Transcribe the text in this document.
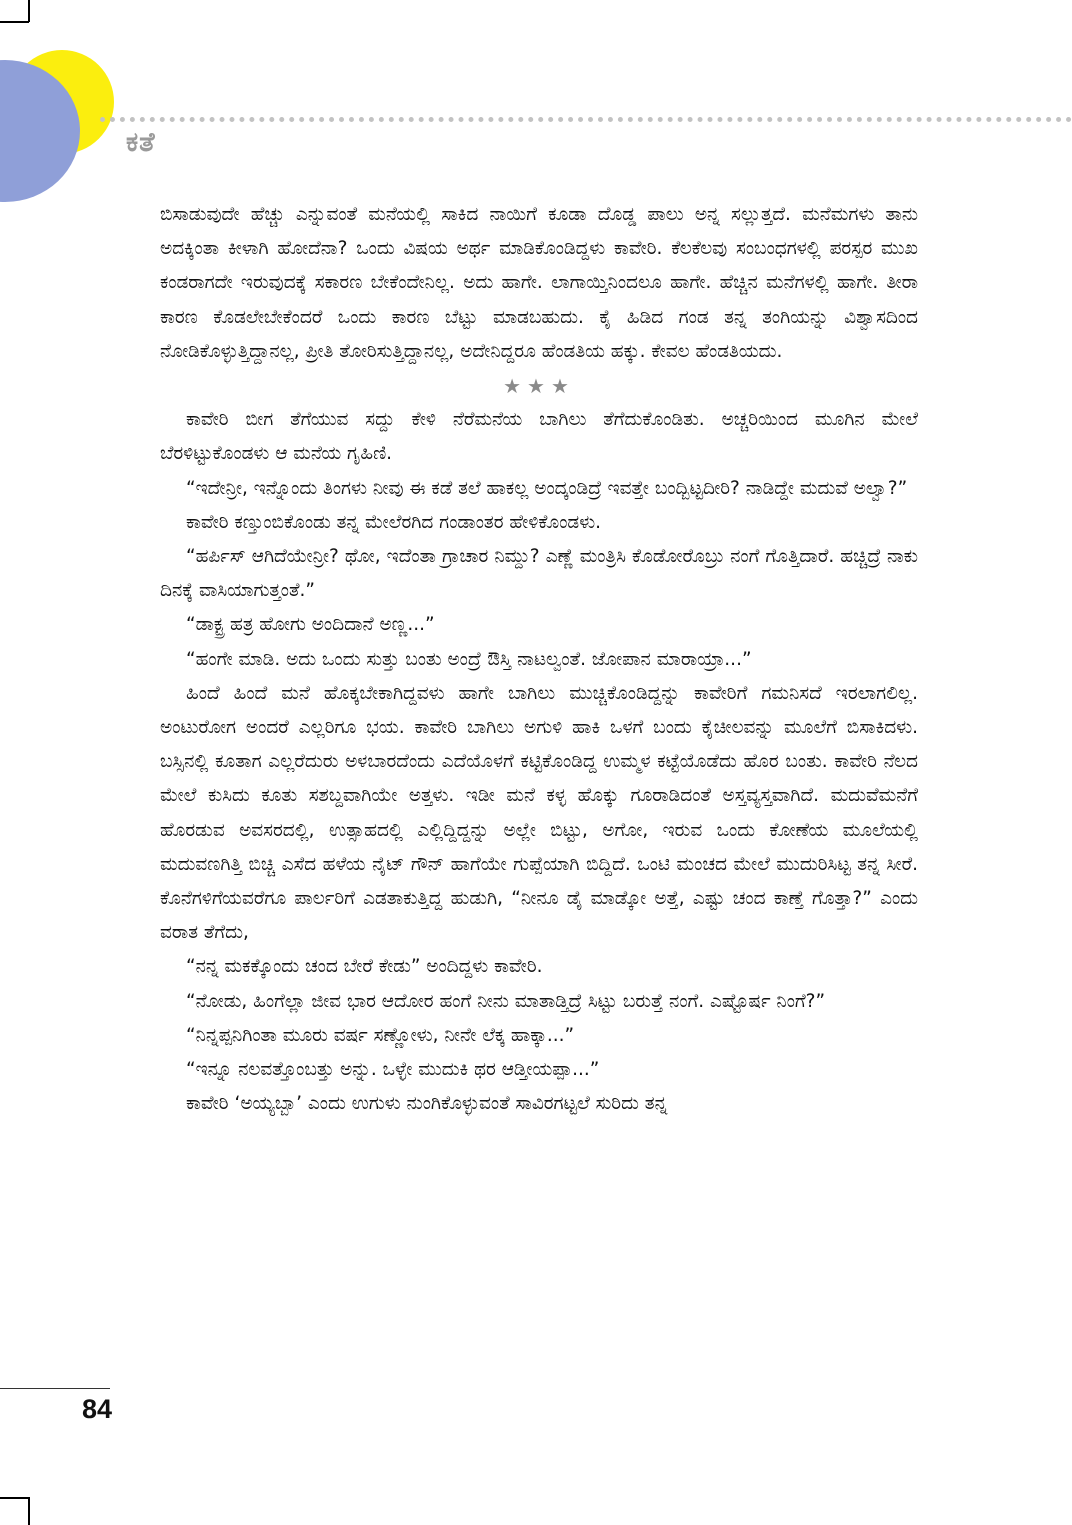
ಕತೆ

ಬಿಸಾಡುವುದೇ ಹೆಚ್ಚು ಎನ್ನುವಂತೆ ಮನೆಯಲ್ಲಿ ಸಾಕಿದ ನಾಯಿಗೆ ಕೂಡಾ ದೊಡ್ಡ ಪಾಲು ಅನ್ನ ಸಲ್ಲುತ್ತದೆ. ಮನೆಮಗಳು ತಾನು ಅದಕ್ಕಿಂತಾ ಕೀಳಾಗಿ ಹೋದೆನಾ? ಒಂದು ವಿಷಯ ಅರ್ಥ ಮಾಡಿಕೊಂಡಿದ್ದಳು ಕಾವೇರಿ. ಕೆಲಕೆಲವು ಸಂಬಂಧಗಳಲ್ಲಿ ಪರಸ್ಪರ ಮುಖ ಕಂಡರಾಗದೇ ಇರುವುದಕ್ಕೆ ಸಕಾರಣ ಬೇಕೆಂದೇನಿಲ್ಲ. ಅದು ಹಾಗೇ. ಲಾಗಾಯ್ತಿನಿಂದಲೂ ಹಾಗೇ. ಹೆಚ್ಚಿನ ಮನೆಗಳಲ್ಲಿ ಹಾಗೇ. ತೀರಾ ಕಾರಣ ಕೊಡಲೇಬೇಕೆಂದರೆ ಒಂದು ಕಾರಣ ಬೆಟ್ಟು ಮಾಡಬಹುದು. ಕೈ ಹಿಡಿದ ಗಂಡ ತನ್ನ ತಂಗಿಯನ್ನು ವಿಶ್ವಾಸದಿಂದ ನೋಡಿಕೊಳ್ಳುತ್ತಿದ್ದಾನಲ್ಲ, ಪ್ರೀತಿ ತೋರಿಸುತ್ತಿದ್ದಾನಲ್ಲ, ಅದೇನಿದ್ದರೂ ಹೆಂಡತಿಯ ಹಕ್ಕು. ಕೇವಲ ಹೆಂಡತಿಯದು.

★★★

ಕಾವೇರಿ ಬೀಗ ತೆಗೆಯುವ ಸದ್ದು ಕೇಳಿ ನೆರೆಮನೆಯ ಬಾಗಿಲು ತೆಗೆದುಕೊಂಡಿತು. ಅಚ್ಚರಿಯಿಂದ ಮೂಗಿನ ಮೇಲೆ ಬೆರಳಿಟ್ಟುಕೊಂಡಳು ಆ ಮನೆಯ ಗೃಹಿಣಿ.

“ಇದೇನ್ರೀ, ಇನ್ನೊಂದು ತಿಂಗಳು ನೀವು ಈ ಕಡೆ ತಲೆ ಹಾಕಲ್ಲ ಅಂದ್ಕಂಡಿದ್ರೆ ಇವತ್ತೇ ಬಂದ್ಬಿಟ್ಟದೀರಿ? ನಾಡಿದ್ದೇ ಮದುವೆ ಅಲ್ವಾ?”

ಕಾವೇರಿ ಕಣ್ತುಂಬಿಕೊಂಡು ತನ್ನ ಮೇಲೆರಗಿದ ಗಂಡಾಂತರ ಹೇಳಿಕೊಂಡಳು.

“ಹರ್ಪಿಸ್ ಆಗಿದೆಯೇನ್ರೀ? ಥೋ, ಇದೆಂತಾ ಗ್ರಾಚಾರ ನಿಮ್ದು? ಎಣ್ಣೆ ಮಂತ್ರಿಸಿ ಕೊಡೋರೊಬ್ರು ನಂಗೆ ಗೊತ್ತಿದಾರೆ. ಹಚ್ಚಿದ್ರೆ ನಾಕು ದಿನಕ್ಕೆ ವಾಸಿಯಾಗುತ್ತಂತೆ.”

“ಡಾಕ್ಟ್ರ ಹತ್ರ ಹೋಗು ಅಂದಿದಾನೆ ಅಣ್ಣ...”

“ಹಂಗೇ ಮಾಡಿ. ಅದು ಒಂದು ಸುತ್ತು ಬಂತು ಅಂದ್ರೆ ಔಸ್ತಿ ನಾಟಲ್ವಂತೆ. ಜೋಪಾನ ಮಾರಾಯ್ರಾ...”

ಹಿಂದೆ ಹಿಂದೆ ಮನೆ ಹೊಕ್ಕಬೇಕಾಗಿದ್ದವಳು ಹಾಗೇ ಬಾಗಿಲು ಮುಚ್ಚಿಕೊಂಡಿದ್ದನ್ನು ಕಾವೇರಿಗೆ ಗಮನಿಸದೆ ಇರಲಾಗಲಿಲ್ಲ. ಅಂಟುರೋಗ ಅಂದರೆ ಎಲ್ಲರಿಗೂ ಭಯ. ಕಾವೇರಿ ಬಾಗಿಲು ಅಗುಳಿ ಹಾಕಿ ಒಳಗೆ ಬಂದು ಕೈಚೀಲವನ್ನು ಮೂಲೆಗೆ ಬಿಸಾಕಿದಳು. ಬಸ್ಸಿನಲ್ಲಿ ಕೂತಾಗ ಎಲ್ಲರೆದುರು ಅಳಬಾರದೆಂದು ಎದೆಯೊಳಗೆ ಕಟ್ಟಿಕೊಂಡಿದ್ದ ಉಮ್ಮಳ ಕಟ್ಟೆಯೊಡೆದು ಹೊರ ಬಂತು. ಕಾವೇರಿ ನೆಲದ ಮೇಲೆ ಕುಸಿದು ಕೂತು ಸಶಬ್ದವಾಗಿಯೇ ಅತ್ತಳು. ಇಡೀ ಮನೆ ಕಳ್ಳ ಹೊಕ್ಕು ಗೂರಾಡಿದಂತೆ ಅಸ್ತವ್ಯಸ್ತವಾಗಿದೆ. ಮದುವೆಮನೆಗೆ ಹೊರಡುವ ಅವಸರದಲ್ಲಿ, ಉತ್ಸಾಹದಲ್ಲಿ ಎಲ್ಲಿದ್ದಿದ್ದನ್ನು ಅಲ್ಲೇ ಬಿಟ್ಟು, ಅಗೋ, ಇರುವ ಒಂದು ಕೋಣೆಯ ಮೂಲೆಯಲ್ಲಿ ಮದುವಣಗಿತ್ತಿ ಬಿಚ್ಚಿ ಎಸೆದ ಹಳೆಯ ನೈಟ್ ಗೌನ್ ಹಾಗೆಯೇ ಗುಪ್ಪೆಯಾಗಿ ಬಿದ್ದಿದೆ. ಒಂಟಿ ಮಂಚದ ಮೇಲೆ ಮುದುರಿಸಿಟ್ಟ ತನ್ನ ಸೀರೆ. ಕೊನೆಗಳಿಗೆಯವರೆಗೂ ಪಾರ್ಲರಿಗೆ ಎಡತಾಕುತ್ತಿದ್ದ ಹುಡುಗಿ, “ನೀನೂ ಡೈ ಮಾಡ್ಕೋ ಅತ್ತೆ, ಎಷ್ಟು ಚಂದ ಕಾಣ್ತೆ ಗೊತ್ತಾ?” ಎಂದು ವರಾತ ತೆಗೆದು,

“ನನ್ನ ಮಕಕ್ಕೊಂದು ಚಂದ ಬೇರೆ ಕೇಡು” ಅಂದಿದ್ದಳು ಕಾವೇರಿ.

“ನೋಡು, ಹಿಂಗೆಲ್ಲಾ ಜೀವ ಭಾರ ಆದೋರ ಹಂಗೆ ನೀನು ಮಾತಾಡ್ತಿದ್ರೆ ಸಿಟ್ಟು ಬರುತ್ತೆ ನಂಗೆ. ಎಷ್ಟೊರ್ಷ ನಿಂಗೆ?”

“ನಿನ್ನಪ್ಪನಿಗಿಂತಾ ಮೂರು ವರ್ಷ ಸಣ್ಣೋಳು, ನೀನೇ ಲೆಕ್ಕ ಹಾಕ್ಕಾ...”

“ಇನ್ನೂ ನಲವತ್ತೊಂಬತ್ತು ಅನ್ನು. ಒಳ್ಳೇ ಮುದುಕಿ ಥರ ಆಡ್ತೀಯಪ್ಪಾ...”

ಕಾವೇರಿ ‘ಅಯ್ಯಬ್ಬಾ’ ಎಂದು ಉಗುಳು ನುಂಗಿಕೊಳ್ಳುವಂತೆ ಸಾವಿರಗಟ್ಟಲೆ ಸುರಿದು ತನ್ನ

84
